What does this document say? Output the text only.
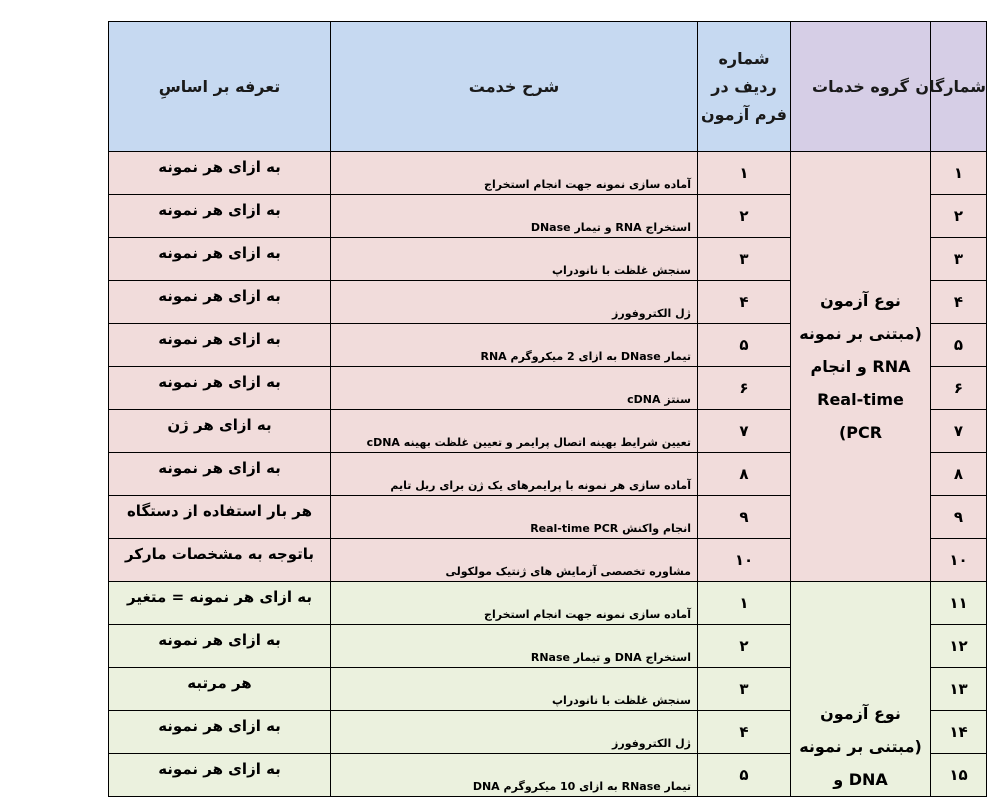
شمارگان	گروه خدمات	شماره ردیف در فرم آزمون	شرح خدمت	تعرفه بر اساسِ
۱	نوع آزمون (مبتنی بر نمونه RNA و انجام Real-time PCR)	۱	آماده سازی نمونه جهت انجام استخراج	به ازای هر نمونه
۲		۲	استخراج RNA و تیمار DNase	به ازای هر نمونه
۳		۳	سنجش غلظت با نانودراپ	به ازای هر نمونه
۴		۴	ژل الکتروفورز	به ازای هر نمونه
۵		۵	تیمار DNase به ازای 2 میکروگرم RNA	به ازای هر نمونه
۶		۶	سنتز cDNA	به ازای هر نمونه
۷		۷	تعیین شرایط بهینه اتصال پرایمر و تعیین غلظت بهینه cDNA	به ازای هر ژن
۸		۸	آماده سازی هر نمونه با پرایمرهای یک ژن برای ریل تایم	به ازای هر نمونه
۹		۹	انجام واکنش Real-time PCR	هر بار استفاده از دستگاه
۱۰		۱۰	مشاوره تخصصی آزمایش های ژنتیک مولکولی	باتوجه به مشخصات مارکر
۱۱	نوع آزمون (مبتنی بر نمونه DNA و	۱	آماده سازی نمونه جهت انجام استخراج	به ازای هر نمونه = متغیر
۱۲		۲	استخراج DNA و تیمار RNase	به ازای هر نمونه
۱۳		۳	سنجش غلظت با نانودراپ	هر مرتبه
۱۴		۴	ژل الکتروفورز	به ازای هر نمونه
۱۵		۵	تیمار RNase به ازای 10 میکروگرم DNA	به ازای هر نمونه
